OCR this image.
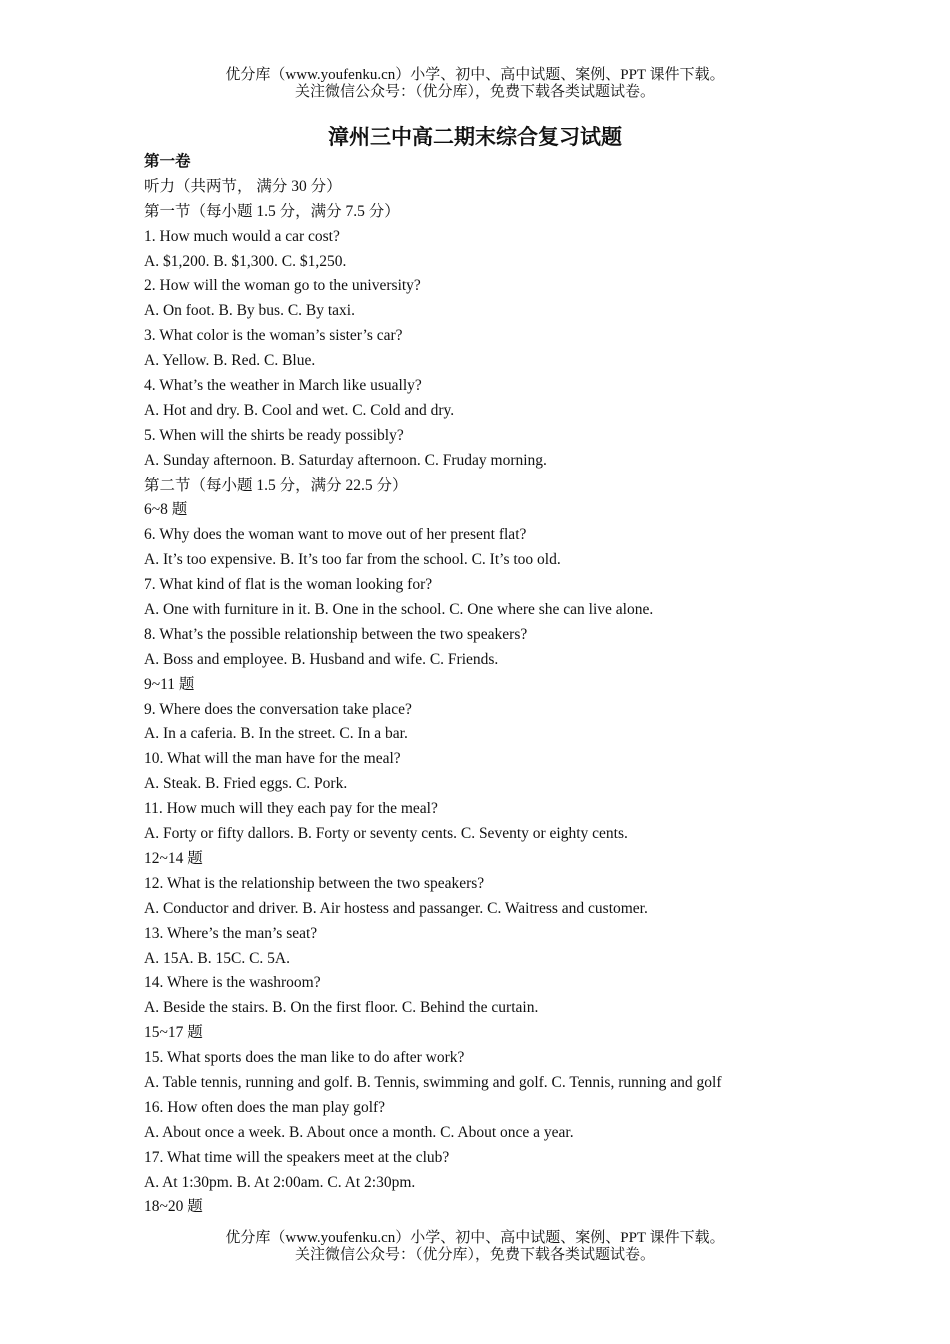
优分库（www.youfenku.cn）小学、初中、高中试题、案例、PPT 课件下载。
关注微信公众号：（优分库），免费下载各类试题试卷。
漳州三中高二期末综合复习试题
第一卷
听力（共两节， 满分 30 分）
第一节（每小题 1.5 分，满分 7.5 分）
1. How much would a car cost?
A. $1,200. B. $1,300. C. $1,250.
2. How will the woman go to the university?
A. On foot. B. By bus. C. By taxi.
3. What color is the woman’s sister’s car?
A. Yellow. B. Red. C. Blue.
4. What’s the weather in March like usually?
A. Hot and dry. B. Cool and wet. C. Cold and dry.
5. When will the shirts be ready possibly?
A. Sunday afternoon. B. Saturday afternoon. C. Fruday morning.
第二节（每小题 1.5 分，满分 22.5 分）
6~8 题
6. Why does the woman want to move out of her present flat?
A. It’s too expensive. B. It’s too far from the school. C. It’s too old.
7. What kind of flat is the woman looking for?
A. One with furniture in it. B. One in the school. C. One where she can live alone.
8. What’s the possible relationship between the two speakers?
A. Boss and employee. B. Husband and wife. C. Friends.
9~11 题
9. Where does the conversation take place?
A. In a caferia. B. In the street. C. In a bar.
10. What will the man have for the meal?
A. Steak. B. Fried eggs. C. Pork.
11. How much will they each pay for the meal?
A. Forty or fifty dallors. B. Forty or seventy cents. C. Seventy or eighty cents.
12~14 题
12. What is the relationship between the two speakers?
A. Conductor and driver. B. Air hostess and passanger. C. Waitress and customer.
13. Where’s the man’s seat?
A. 15A. B. 15C. C. 5A.
14. Where is the washroom?
A. Beside the stairs. B. On the first floor. C. Behind the curtain.
15~17 题
15. What sports does the man like to do after work?
A. Table tennis, running and golf. B. Tennis, swimming and golf. C. Tennis, running and golf
16. How often does the man play golf?
A. About once a week. B. About once a month. C. About once a year.
17. What time will the speakers meet at the club?
A. At 1:30pm. B. At 2:00am. C. At 2:30pm.
18~20 题
优分库（www.youfenku.cn）小学、初中、高中试题、案例、PPT 课件下载。
关注微信公众号：（优分库），免费下载各类试题试卷。
